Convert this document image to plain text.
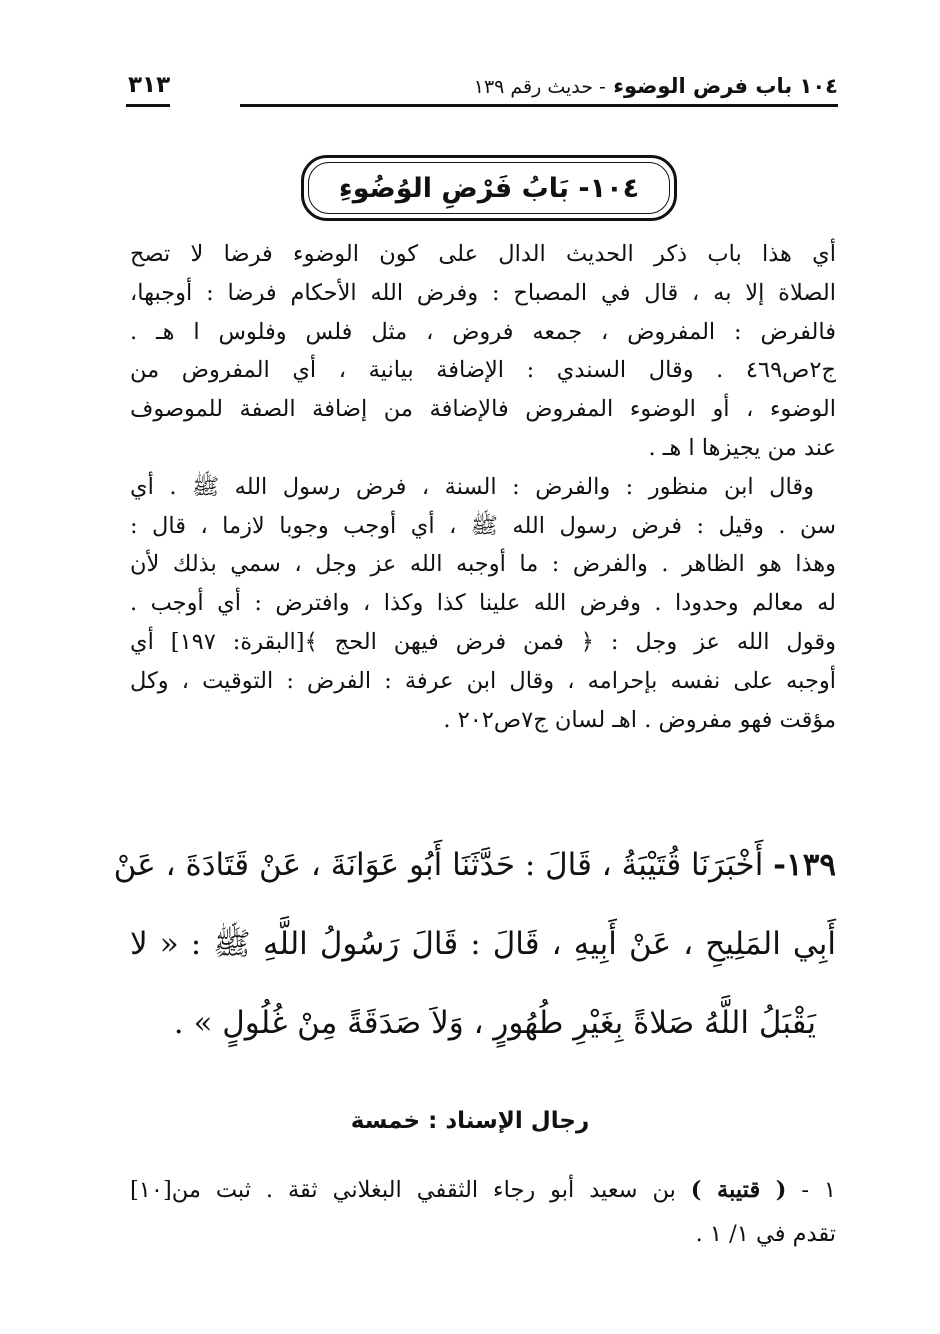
١٠٤ باب فرض الوضوء - حديث رقم ١٣٩
٣١٣
١٠٤- بَابُ فَرْضِ الوُضُوءِ

أي هذا باب ذكر الحديث الدال على كون الوضوء فرضا لا تصح
الصلاة إلا به ، قال في المصباح : وفرض الله الأحكام فرضا : أوجبها،
فالفرض : المفروض ، جمعه فروض ، مثل فلس وفلوس ا هـ .
ج٢ص٤٦٩ . وقال السندي : الإضافة بيانية ، أي المفروض من
الوضوء ، أو الوضوء المفروض فالإضافة من إضافة الصفة للموصوف
عند من يجيزها ا هـ .

وقال ابن منظور : والفرض : السنة ، فرض رسول الله ﷺ . أي
سن . وقيل : فرض رسول الله ﷺ ، أي أوجب وجوبا لازما ، قال :
وهذا هو الظاهر . والفرض : ما أوجبه الله عز وجل ، سمي بذلك لأن
له معالم وحدودا . وفرض الله علينا كذا وكذا ، وافترض : أي أوجب .
وقول الله عز وجل : ﴿ فمن فرض فيهن الحج ﴾[البقرة: ١٩٧] أي
أوجبه على نفسه بإحرامه ، وقال ابن عرفة : الفرض : التوقيت ، وكل
مؤقت فهو مفروض . اهـ لسان ج٧ص٢٠٢ .

١٣٩- أَخْبَرَنَا قُتَيْبَةُ ، قَالَ : حَدَّثَنَا أَبُو عَوَانَةَ ، عَنْ قَتَادَةَ ، عَنْ
أَبِي المَلِيحِ ، عَنْ أَبِيهِ ، قَالَ : قَالَ رَسُولُ اللَّهِ ﷺ : « لا
يَقْبَلُ اللَّهُ صَلاةً بِغَيْرِ طُهُورٍ ، وَلاَ صَدَقَةً مِنْ غُلُولٍ » .
رجال الإسناد : خمسة
١ - ( قتيبة ) بن سعيد أبو رجاء الثقفي البغلاني ثقة . ثبت من[١٠]
تقدم في ١/ ١ .
